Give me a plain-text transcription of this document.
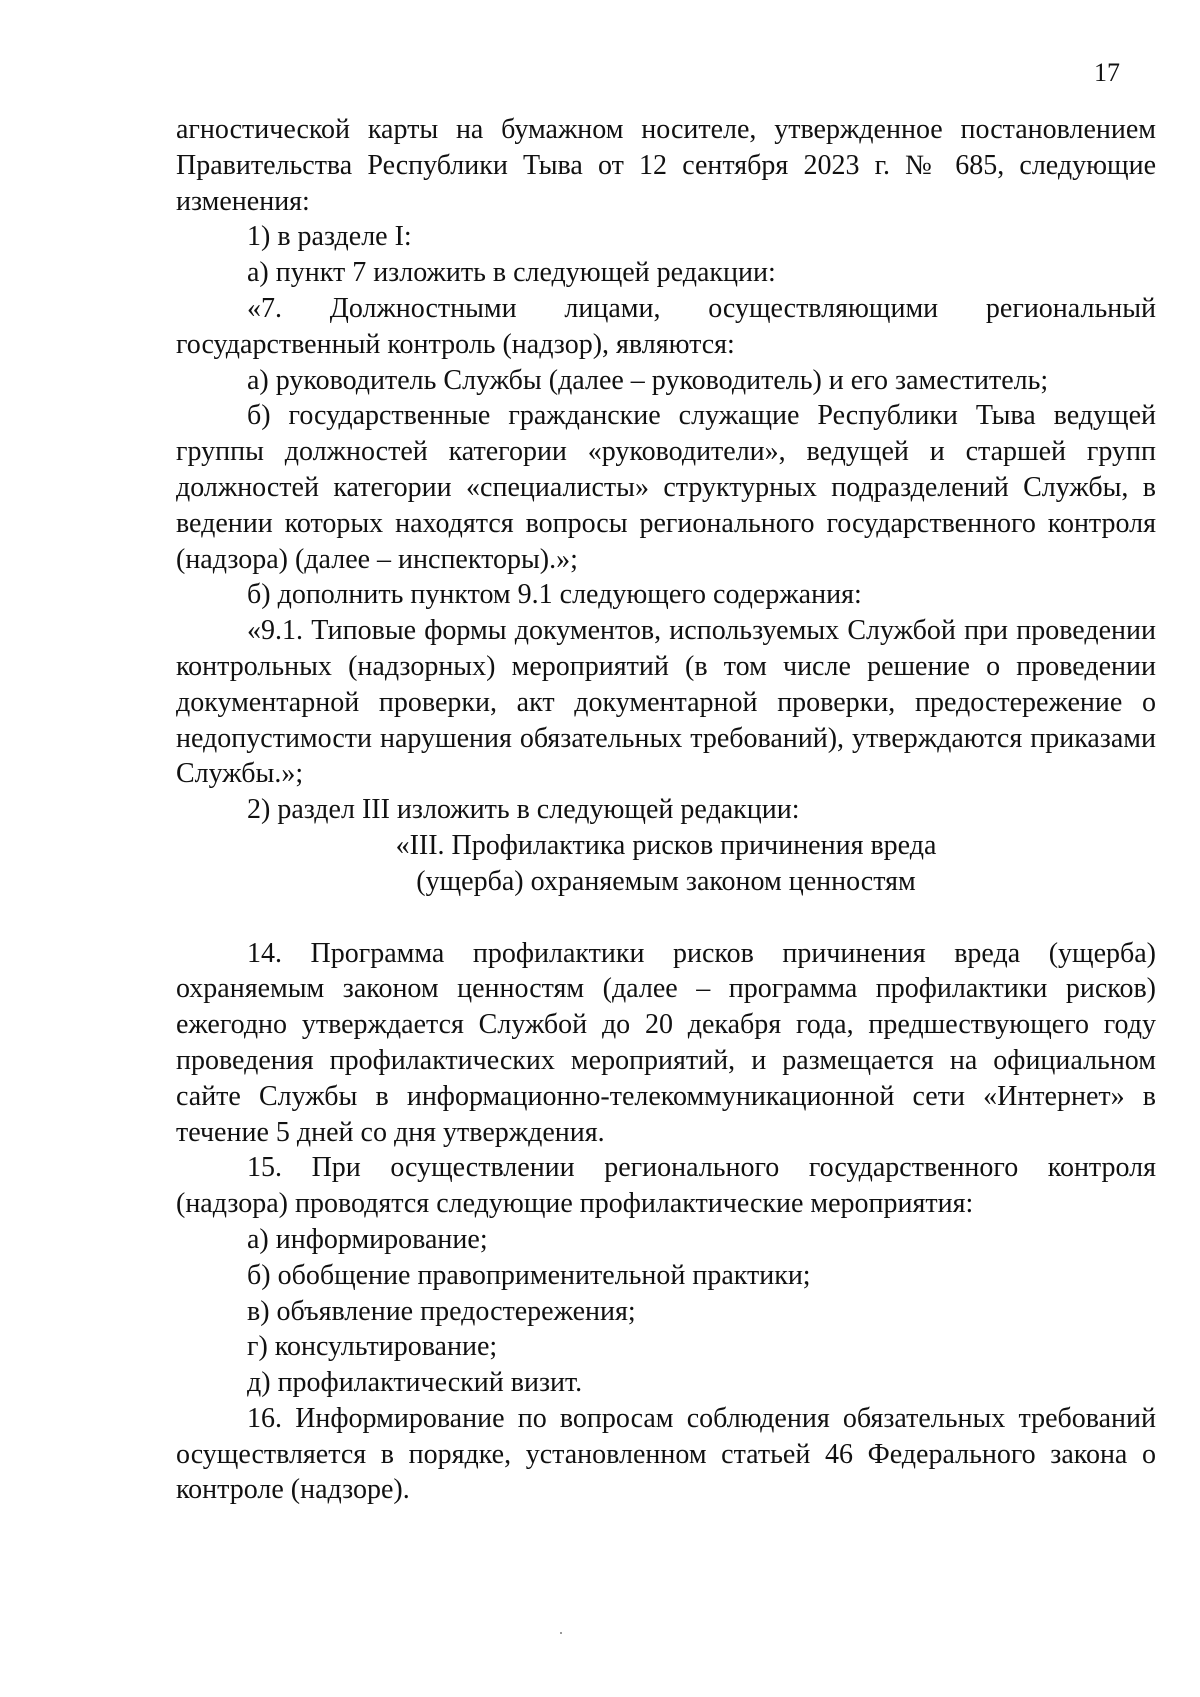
17

агностической карты на бумажном носителе, утвержденное постановлением Правительства Республики Тыва от 12 сентября 2023 г. № 685, следующие изменения:

1) в разделе I:

а) пункт 7 изложить в следующей редакции:

«7. Должностными лицами, осуществляющими региональный государственный контроль (надзор), являются:

а) руководитель Службы (далее – руководитель) и его заместитель;

б) государственные гражданские служащие Республики Тыва ведущей группы должностей категории «руководители», ведущей и старшей групп должностей категории «специалисты» структурных подразделений Службы, в ведении которых находятся вопросы регионального государственного контроля (надзора) (далее – инспекторы).»;

б) дополнить пунктом 9.1 следующего содержания:

«9.1. Типовые формы документов, используемых Службой при проведении контрольных (надзорных) мероприятий (в том числе решение о проведении документарной проверки, акт документарной проверки, предостережение о недопустимости нарушения обязательных требований), утверждаются приказами Службы.»;

2) раздел III изложить в следующей редакции:

«III. Профилактика рисков причинения вреда

(ущерба) охраняемым законом ценностям

14. Программа профилактики рисков причинения вреда (ущерба) охраняемым законом ценностям (далее – программа профилактики рисков) ежегодно утверждается Службой до 20 декабря года, предшествующего году проведения профилактических мероприятий, и размещается на официальном сайте Службы в информационно-телекоммуникационной сети «Интернет» в течение 5 дней со дня утверждения.

15. При осуществлении регионального государственного контроля (надзора) проводятся следующие профилактические мероприятия:

а) информирование;

б) обобщение правоприменительной практики;

в) объявление предостережения;

г) консультирование;

д) профилактический визит.

16. Информирование по вопросам соблюдения обязательных требований осуществляется в порядке, установленном статьей 46 Федерального закона о контроле (надзоре).
